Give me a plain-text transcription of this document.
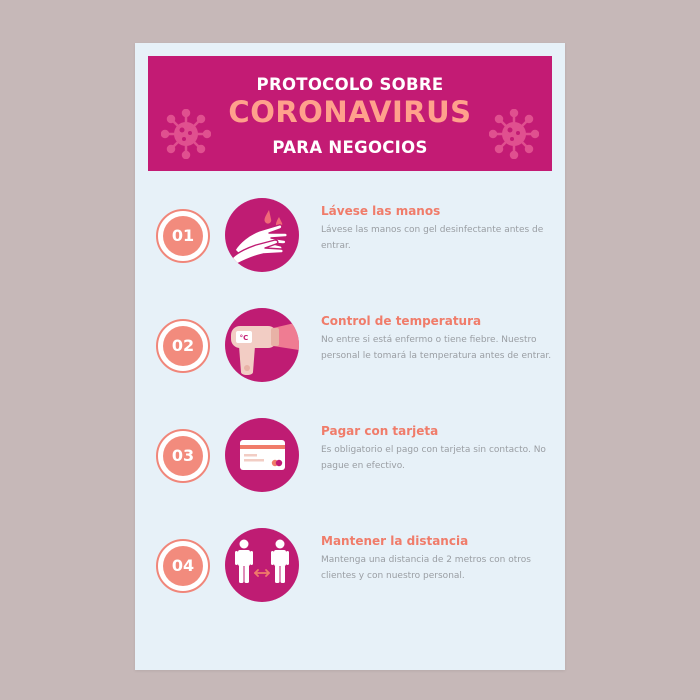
PROTOCOLO SOBRE
CORONAVIRUS
PARA NEGOCIOS
01
Lávese las manos
Lávese las manos con gel desinfectante antes de entrar.
02	°C
Control de temperatura
No entre si está enfermo o tiene fiebre. Nuestro personal le tomará la temperatura antes de entrar.
03
Pagar con tarjeta
Es obligatorio el pago con tarjeta sin contacto. No pague en efectivo.
04
Mantener la distancia
Mantenga una distancia de 2 metros con otros clientes y con nuestro personal.
